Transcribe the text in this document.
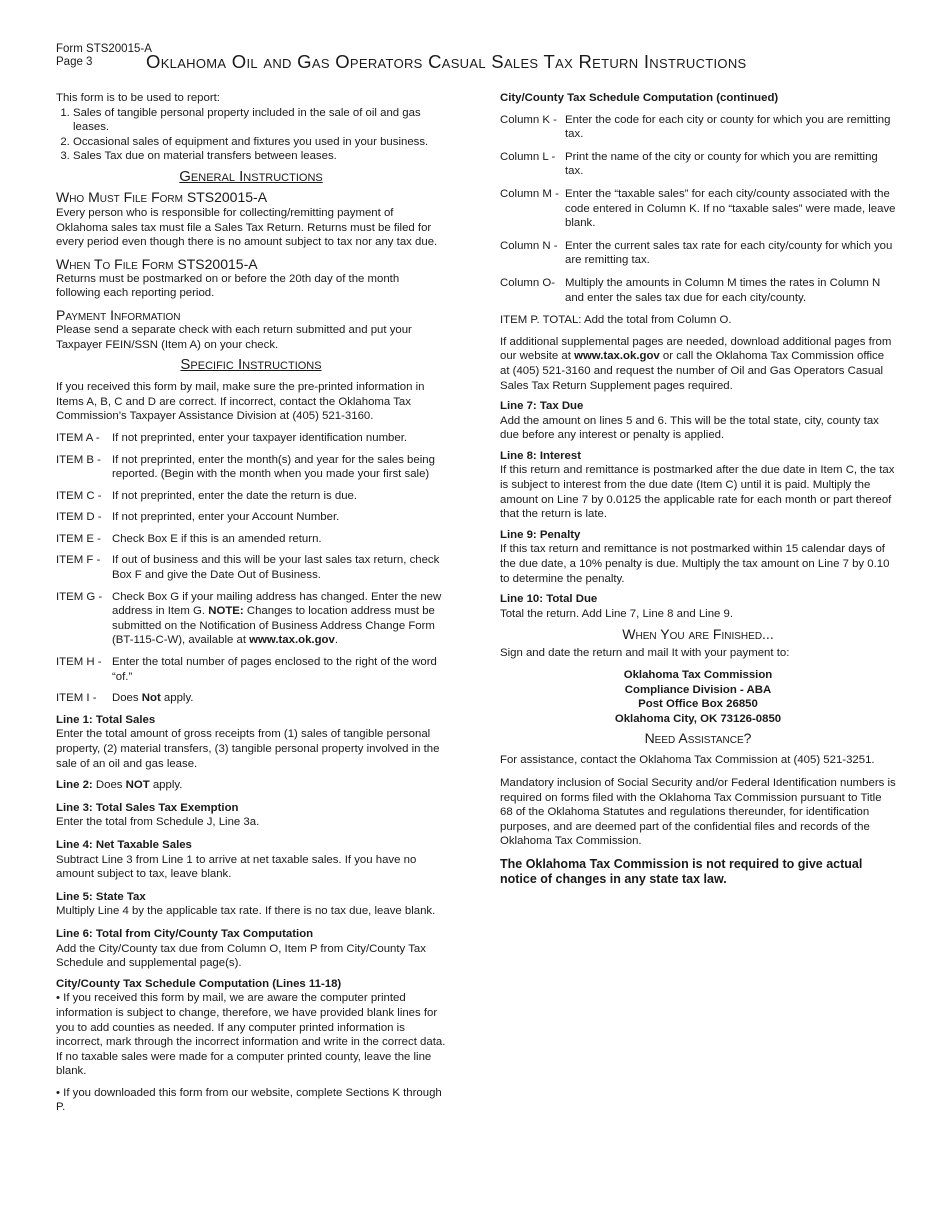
Form STS20015-A
Page 3	Oklahoma Oil and Gas Operators Casual Sales Tax Return Instructions

This form is to be used to report:

1. Sales of tangible personal property included in the sale of oil and gas leases.
2. Occasional sales of equipment and fixtures you used in your business.
3. Sales Tax due on material transfers between leases.
General Instructions
Who Must File Form STS20015-A

Every person who is responsible for collecting/remitting payment of Oklahoma sales tax must file a Sales Tax Return. Returns must be filed for every period even though there is no amount subject to tax nor any tax due.

When To File Form STS20015-A

Returns must be postmarked on or before the 20th day of the month following each reporting period.

Payment Information

Please send a separate check with each return submitted and put your Taxpayer FEIN/SSN (Item A) on your check.

Specific Instructions

If you received this form by mail, make sure the pre-printed information in Items A, B, C and D are correct. If incorrect, contact the Oklahoma Tax Commission’s Taxpayer Assistance Division at (405) 521-3160.

ITEM A -	If not preprinted, enter your taxpayer identification number.
ITEM B - If not preprinted, enter the month(s) and year for the sales being reported. (Begin with the month when you made your first sale)
ITEM C - If not preprinted, enter the date the return is due.
ITEM D - If not preprinted, enter your Account Number.
ITEM E - Check Box E if this is an amended return.
ITEM F -	If out of business and this will be your last sales tax return, check Box F and give the Date Out of Business.
ITEM G - Check Box G if your mailing address has changed. Enter the new address in Item G. NOTE: Changes to location address must be submitted on the Notification of Business Address Change Form (BT-115-C-W), available at www.tax.ok.gov.
ITEM H - Enter the total number of pages enclosed to the right of the word “of.”
ITEM I -	Does Not apply.

Line 1: Total Sales

Enter the total amount of gross receipts from (1) sales of tangible personal property, (2) material transfers, (3) tangible personal property involved in the sale of an oil and gas lease.

Line 2: Does NOT apply.

Line 3: Total Sales Tax Exemption

Enter the total from Schedule J, Line 3a.

Line 4: Net Taxable Sales

Subtract Line 3 from Line 1 to arrive at net taxable sales. If you have no amount subject to tax, leave blank.

Line 5: State Tax

Multiply Line 4 by the applicable tax rate. If there is no tax due, leave blank.

Line 6: Total from City/County Tax Computation

Add the City/County tax due from Column O, Item P from City/County Tax Schedule and supplemental page(s).

City/County Tax Schedule Computation (Lines 11-18)

• If you received this form by mail, we are aware the computer printed information is subject to change, therefore, we have provided blank lines for you to add counties as needed. If any computer printed information is incorrect, mark through the incorrect information and write in the correct data. If no taxable sales were made for a computer printed county, leave the line blank.

• If you downloaded this form from our website, complete Sections K through P.

City/County Tax Schedule Computation (continued)

Column K - Enter the code for each city or county for which you are remitting tax.
Column L - Print the name of the city or county for which you are remitting tax.
Column M - Enter the “taxable sales” for each city/county associated with the code entered in Column K. If no “taxable sales” were made, leave blank.
Column N - Enter the current sales tax rate for each city/county for which you are remitting tax.
Column O- Multiply the amounts in Column M times the rates in Column N and enter the sales tax due for each city/county.

ITEM P. TOTAL: Add the total from Column O.

If additional supplemental pages are needed, download additional pages from our website at www.tax.ok.gov or call the Oklahoma Tax Commission office at (405) 521-3160 and request the number of Oil and Gas Operators Casual Sales Tax Return Supplement pages required.

Line 7: Tax Due

Add the amount on lines 5 and 6. This will be the total state, city, county tax due before any interest or penalty is applied.

Line 8: Interest

If this return and remittance is postmarked after the due date in Item C, the tax is subject to interest from the due date (Item C) until it is paid. Multiply the amount on Line 7 by 0.0125 the applicable rate for each month or part thereof that the return is late.

Line 9: Penalty

If this tax return and remittance is not postmarked within 15 calendar days of the due date, a 10% penalty is due. Multiply the tax amount on Line 7 by 0.10 to determine the penalty.

Line 10: Total Due

Total the return. Add Line 7, Line 8 and Line 9.

When You are Finished...

Sign and date the return and mail It with your payment to:

Oklahoma Tax Commission

Compliance Division - ABA

Post Office Box 26850

Oklahoma City, OK 73126-0850

Need Assistance?

For assistance, contact the Oklahoma Tax Commission at (405) 521-3251.

Mandatory inclusion of Social Security and/or Federal Identification numbers is required on forms filed with the Oklahoma Tax Commission pursuant to Title 68 of the Oklahoma Statutes and regulations thereunder, for identification purposes, and are deemed part of the confidential files and records of the Oklahoma Tax Commission.

The Oklahoma Tax Commission is not required to give actual notice of changes in any state tax law.
